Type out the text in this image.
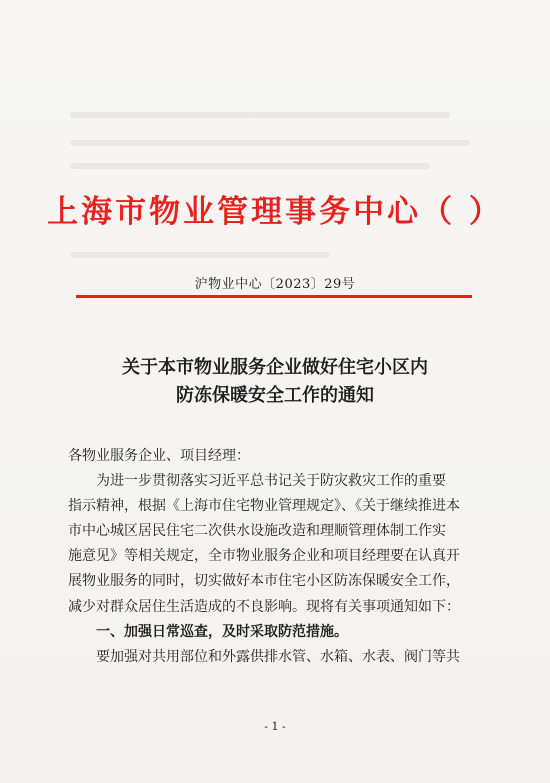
上海市物业管理事务中心（ ）
沪物业中心〔2023〕29号
关于本市物业服务企业做好住宅小区内
防冻保暖安全工作的通知
各物业服务企业、项目经理：
为进一步贯彻落实习近平总书记关于防灾救灾工作的重要
指示精神，根据《上海市住宅物业管理规定》、《关于继续推进本
市中心城区居民住宅二次供水设施改造和理顺管理体制工作实
施意见》等相关规定，全市物业服务企业和项目经理要在认真开
展物业服务的同时，切实做好本市住宅小区防冻保暖安全工作，
减少对群众居住生活造成的不良影响。现将有关事项通知如下：
一、加强日常巡查，及时采取防范措施。
要加强对共用部位和外露供排水管、水箱、水表、阀门等共
- 1 -
